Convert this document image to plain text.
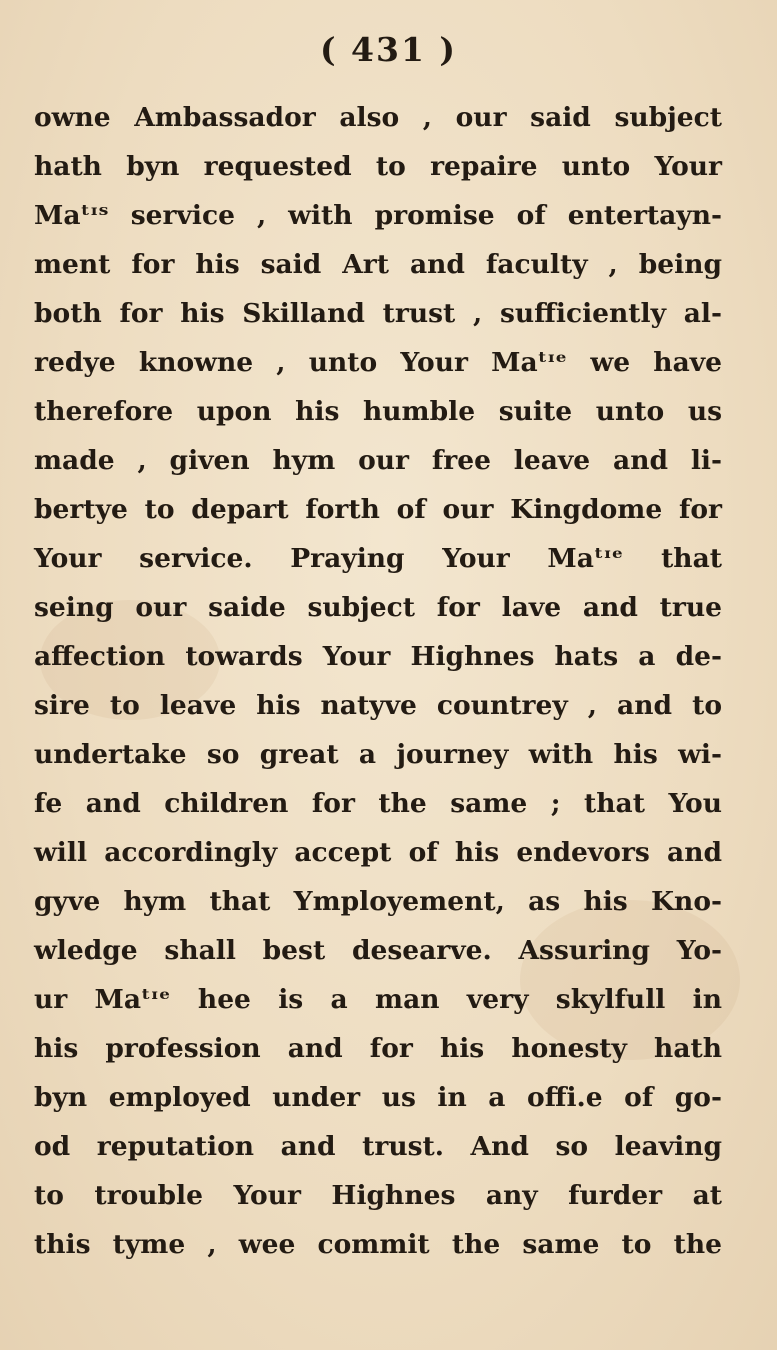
( 431 )
owne Ambassador also , our said subject
hath byn requested to repaire unto Your
Maᵗᶦˢ service , with promise of entertayn-
ment for his said Art and faculty , being
both for his Skilland trust , sufficiently al-
redye knowne , unto Your Maᵗᶦᵉ we have
therefore upon his humble suite unto us
made , given hym our free leave and li-
bertye to depart forth of our Kingdome for
Your service. Praying Your Maᵗᶦᵉ that
seing our saide subject for lave and true
affection towards Your Highnes hats a de-
sire to leave his natyve countrey , and to
undertake so great a journey with his wi-
fe and children for the same ; that You
will accordingly accept of his endevors and
gyve hym that Ymployement, as his Kno-
wledge shall best desearve. Assuring Yo-
ur Maᵗᶦᵉ hee is a man very skylfull in
his profession and for his honesty hath
byn employed under us in a offi.e of go-
od reputation and trust. And so leaving
to trouble Your Highnes any furder at
this tyme , wee commit the same to the
